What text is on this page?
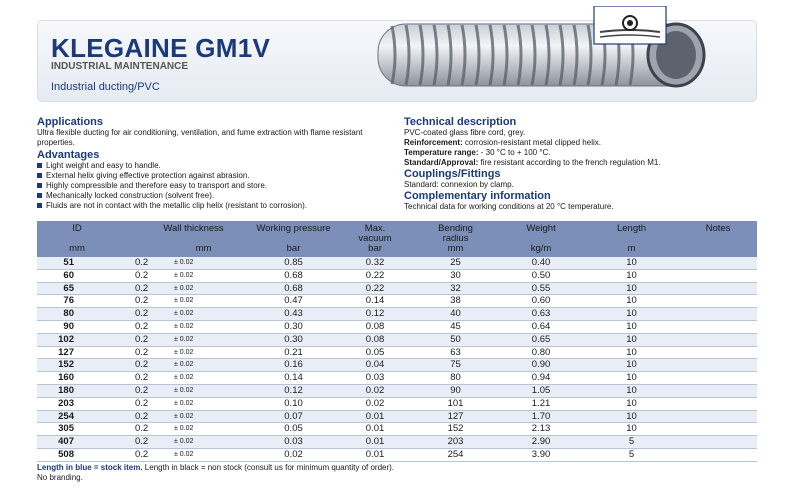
KLEGAINE GM1V
INDUSTRIAL MAINTENANCE
Industrial ducting/PVC
Applications
Ultra flexible ducting for air conditioning, ventilation, and fume extraction with flame resistant properties.
Advantages
Light weight and easy to handle.
External helix giving effective protection against abrasion.
Highly compressible and therefore easy to transport and store.
Mechanically locked construction (solvent free).
Fluids are not in contact with the metallic clip helix (resistant to corrosion).
Technical description
PVC-coated glass fibre cord, grey.
Reinforcement: corrosion-resistant metal clipped helix.
Temperature range: - 30 °C to + 100 °C.
Standard/Approval: fire resistant according to the french regulation M1.
Couplings/Fittings
Standard: connexion by clamp.
Complementary information
Technical data for working conditions at 20 °C temperature.
ID	Wall thickness		Working pressure	Max. vacuum	Bending radius	Weight	Length	Notes
mm	mm		bar	bar	mm	kg/m	m	
51	0.2	± 0.02	0.85	0.32	25	0.40	10	
60	0.2	± 0.02	0.68	0.22	30	0.50	10	
65	0.2	± 0.02	0.68	0.22	32	0.55	10	
76	0.2	± 0.02	0.47	0.14	38	0.60	10	
80	0.2	± 0.02	0.43	0.12	40	0.63	10	
90	0.2	± 0.02	0.30	0.08	45	0.64	10	
102	0.2	± 0.02	0.30	0.08	50	0.65	10	
127	0.2	± 0.02	0.21	0.05	63	0.80	10	
152	0.2	± 0.02	0.16	0.04	75	0.90	10	
160	0.2	± 0.02	0.14	0.03	80	0.94	10	
180	0.2	± 0.02	0.12	0.02	90	1.05	10	
203	0.2	± 0.02	0.10	0.02	101	1.21	10	
254	0.2	± 0.02	0.07	0.01	127	1.70	10	
305	0.2	± 0.02	0.05	0.01	152	2.13	10	
407	0.2	± 0.02	0.03	0.01	203	2.90	5	
508	0.2	± 0.02	0.02	0.01	254	3.90	5	
Length in blue = stock item. Length in black = non stock (consult us for minimum quantity of order).
No branding.
